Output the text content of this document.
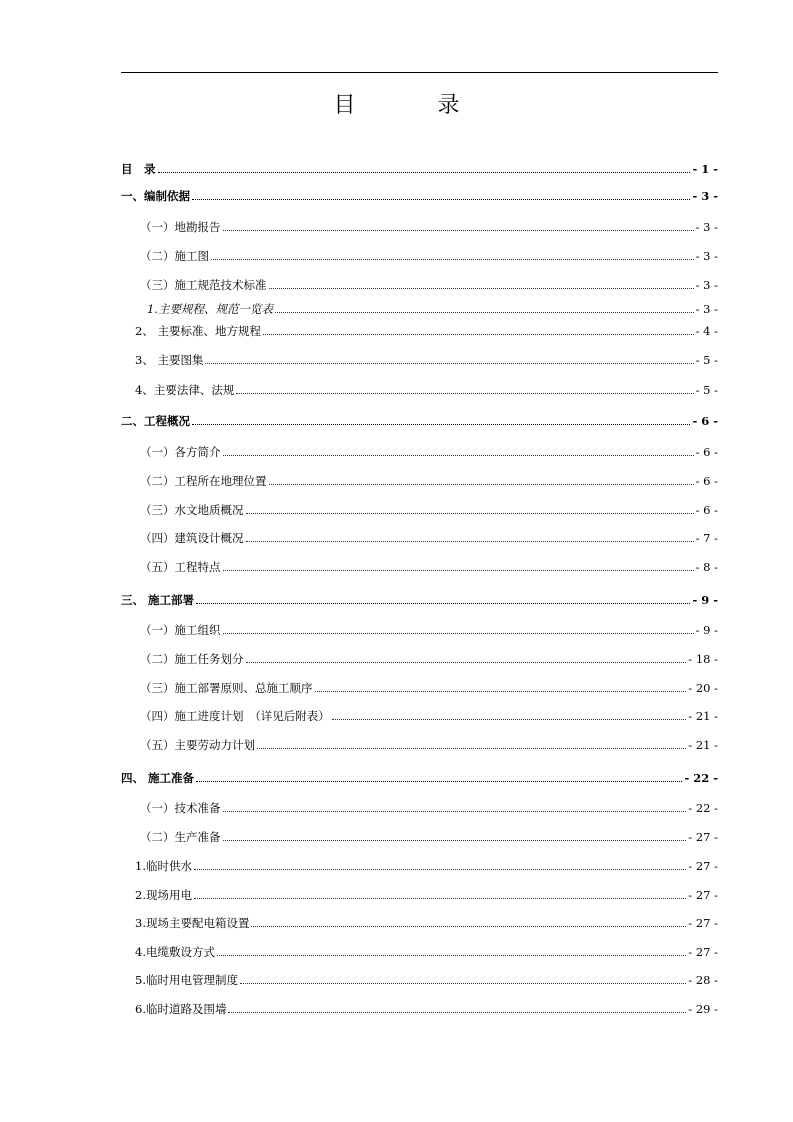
目　录
目　录	- 1 -
一、编制依据	- 3 -
（一）地勘报告	- 3 -
（二）施工图	- 3 -
（三）施工规范技术标准	- 3 -
1.主要规程、规范一览表	- 3 -
2、 主要标准、地方规程	- 4 -
3、 主要图集	- 5 -
4、主要法律、法规	- 5 -
二、工程概况	- 6 -
（一）各方简介	- 6 -
（二）工程所在地理位置	- 6 -
（三）水文地质概况	- 6 -
（四）建筑设计概况	- 7 -
（五）工程特点	- 8 -
三、 施工部署	- 9 -
（一）施工组织	- 9 -
（二）施工任务划分	- 18 -
（三）施工部署原则、总施工顺序	- 20 -
（四）施工进度计划　（详见后附表）	- 21 -
（五）主要劳动力计划	- 21 -
四、 施工准备	- 22 -
（一）技术准备	- 22 -
（二）生产准备	- 27 -
1.临时供水	- 27 -
2.现场用电	- 27 -
3.现场主要配电箱设置	- 27 -
4.电缆敷设方式	- 27 -
5.临时用电管理制度	- 28 -
6.临时道路及围墙	- 29 -
